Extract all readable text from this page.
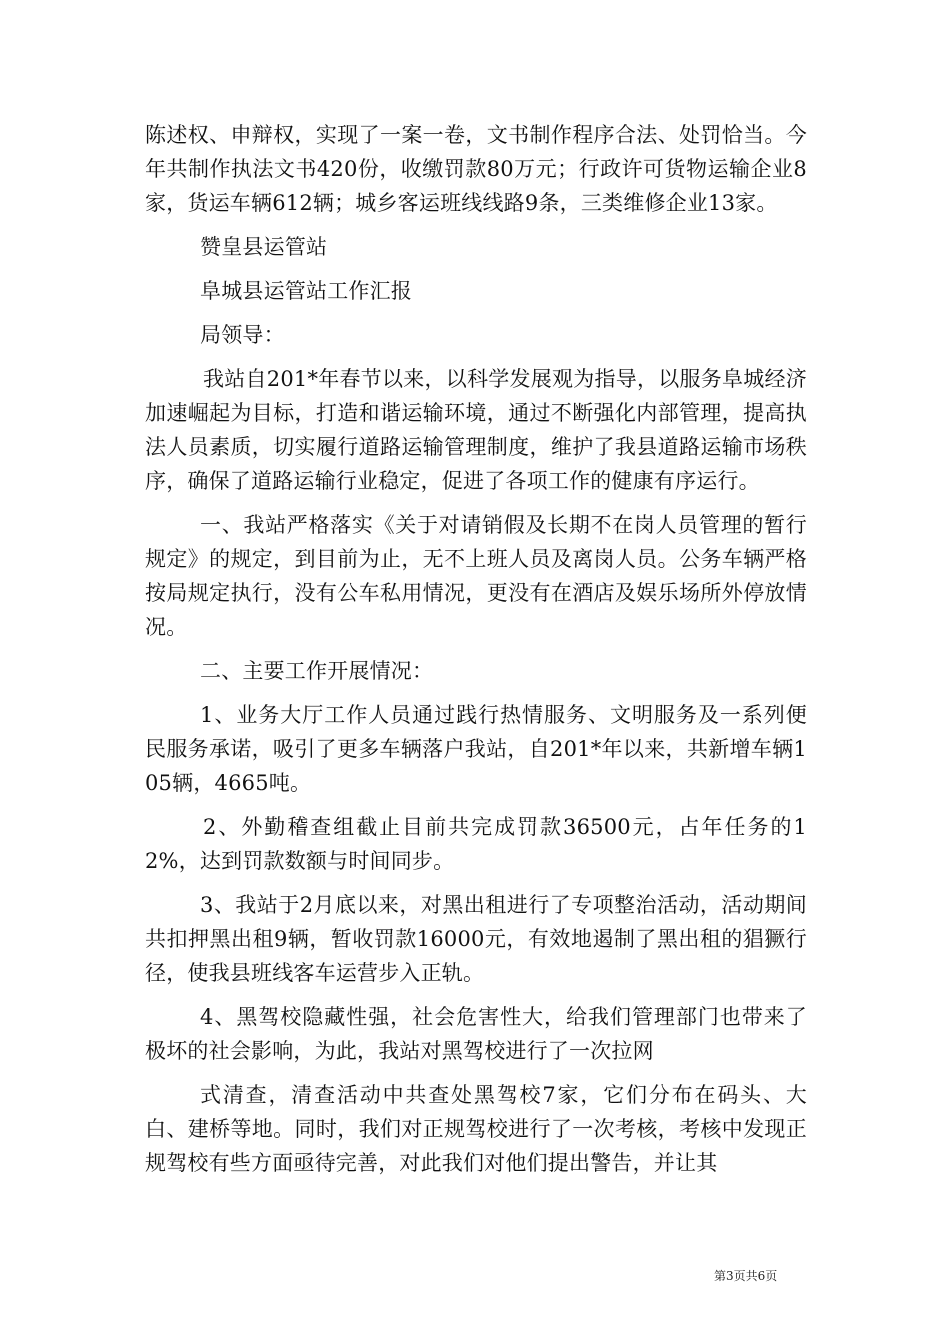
陈述权、申辩权，实现了一案一卷，文书制作程序合法、处罚恰当。今年共制作执法文书420份，收缴罚款80万元；行政许可货物运输企业8家，货运车辆612辆；城乡客运班线线路9条，三类维修企业13家。

赞皇县运管站

阜城县运管站工作汇报

局领导：

我站自201*年春节以来，以科学发展观为指导，以服务阜城经济加速崛起为目标，打造和谐运输环境，通过不断强化内部管理，提高执法人员素质，切实履行道路运输管理制度，维护了我县道路运输市场秩序，确保了道路运输行业稳定，促进了各项工作的健康有序运行。

一、我站严格落实《关于对请销假及长期不在岗人员管理的暂行规定》的规定，到目前为止，无不上班人员及离岗人员。公务车辆严格按局规定执行，没有公车私用情况，更没有在酒店及娱乐场所外停放情况。

二、主要工作开展情况：

1、业务大厅工作人员通过践行热情服务、文明服务及一系列便民服务承诺，吸引了更多车辆落户我站，自201*年以来，共新增车辆105辆，4665吨。

2、外勤稽查组截止目前共完成罚款36500元，占年任务的12%，达到罚款数额与时间同步。

3、我站于2月底以来，对黑出租进行了专项整治活动，活动期间共扣押黑出租9辆，暂收罚款16000元，有效地遏制了黑出租的猖獗行径，使我县班线客车运营步入正轨。

4、黑驾校隐藏性强，社会危害性大，给我们管理部门也带来了极坏的社会影响，为此，我站对黑驾校进行了一次拉网

式清查，清查活动中共查处黑驾校7家，它们分布在码头、大白、建桥等地。同时，我们对正规驾校进行了一次考核，考核中发现正规驾校有些方面亟待完善，对此我们对他们提出警告，并让其

第3页共6页
